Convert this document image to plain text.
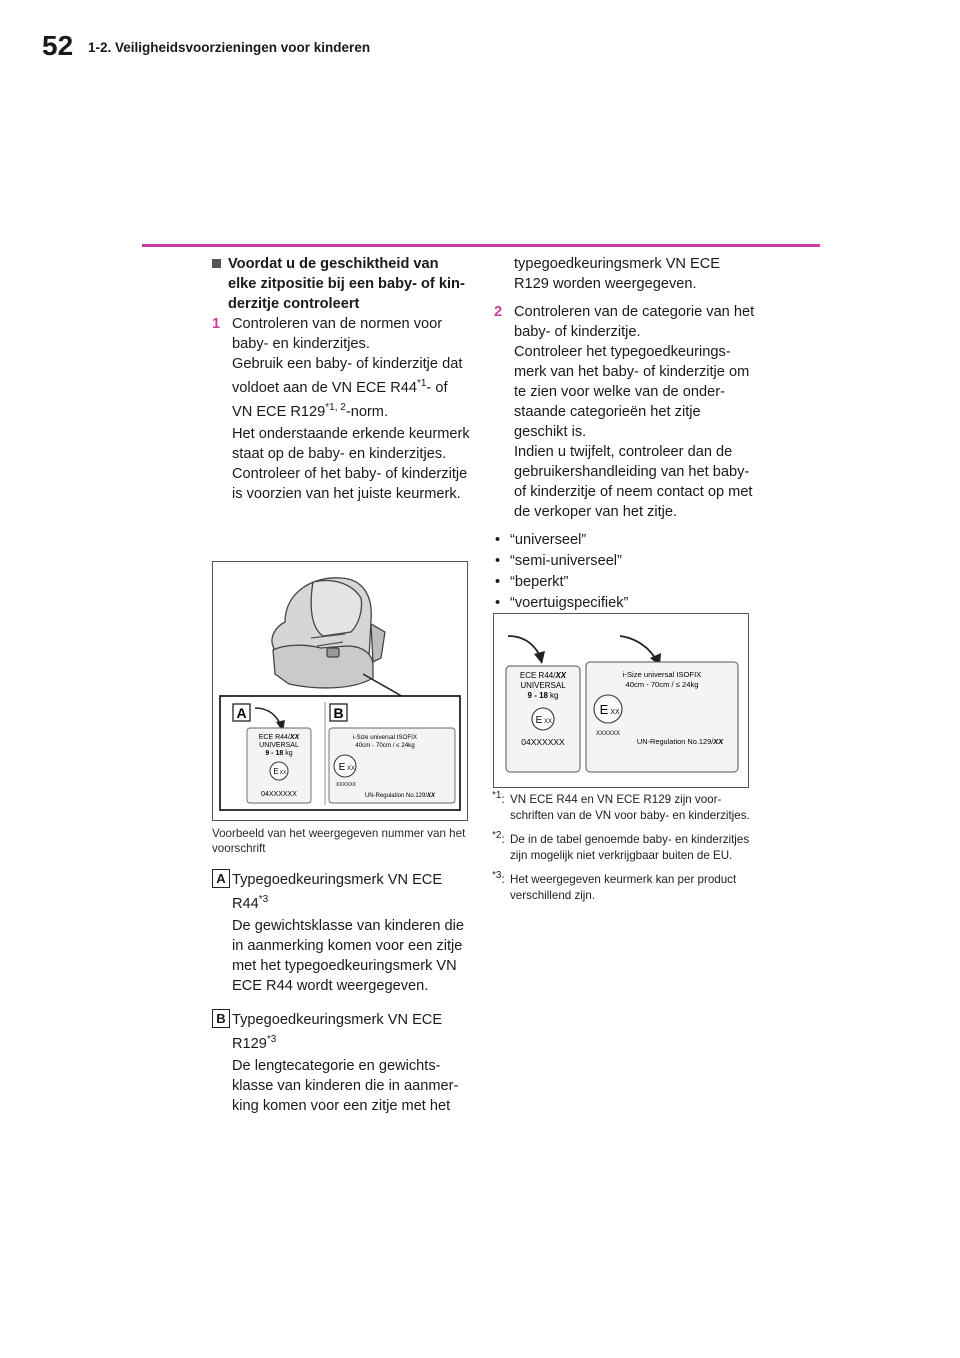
52 1-2. Veiligheidsvoorzieningen voor kinderen

Voordat u de geschiktheid van elke zitpositie bij een baby- of kinderzitje controleert

1 Controleren van de normen voor baby- en kinderzitjes.

Gebruik een baby- of kinderzitje dat voldoet aan de VN ECE R44$^{*1}$- of VN ECE R129$^{*1, 2}$-norm.

Het onderstaande erkende keurmerk staat op de baby- en kinderzitjes.

Controleer of het baby- of kinderzitje is voorzien van het juiste keurmerk.

A	B
ECE R44/XX
UNIVERSAL
9 - 18 kg
E XX
04XXXXXX
i-Size universal ISOFIX
40cm - 70cm / ≤ 24kg
E XX
XXXXXX
UN-Regulation No.129/XX

Voorbeeld van het weergegeven nummer van het voorschrift

A Typegoedkeuringsmerk VN ECE R44$^{*3}$

De gewichtsklasse van kinderen die in aanmerking komen voor een zitje met het typegoedkeuringsmerk VN ECE R44 wordt weergegeven.

B Typegoedkeuringsmerk VN ECE R129$^{*3}$

De lengtecategorie en gewichtsklasse van kinderen die in aanmerking komen voor een zitje met het

typegoedkeuringsmerk VN ECE R129 worden weergegeven.

2 Controleren van de categorie van het baby- of kinderzitje.

Controleer het typegoedkeuringsmerk van het baby- of kinderzitje om te zien voor welke van de onderstaande categorieën het zitje geschikt is.

Indien u twijfelt, controleer dan de gebruikershandleiding van het baby- of kinderzitje of neem contact op met de verkoper van het zitje.

• “universeel”
• “semi-universeel”
• “beperkt”
• “voertuigspecifiek”
ECE R44/XX
UNIVERSAL
9 - 18 kg
E XX
04XXXXXX
i-Size universal ISOFIX
40cm - 70cm / ≤ 24kg
E XX
XXXXXX
UN-Regulation No.129/XX
$^{*1}$: VN ECE R44 en VN ECE R129 zijn voorschriften van de VN voor baby- en kinderzitjes.
$^{*2}$: De in de tabel genoemde baby- en kinderzitjes zijn mogelijk niet verkrijgbaar buiten de EU.
$^{*3}$: Het weergegeven keurmerk kan per product verschillend zijn.
